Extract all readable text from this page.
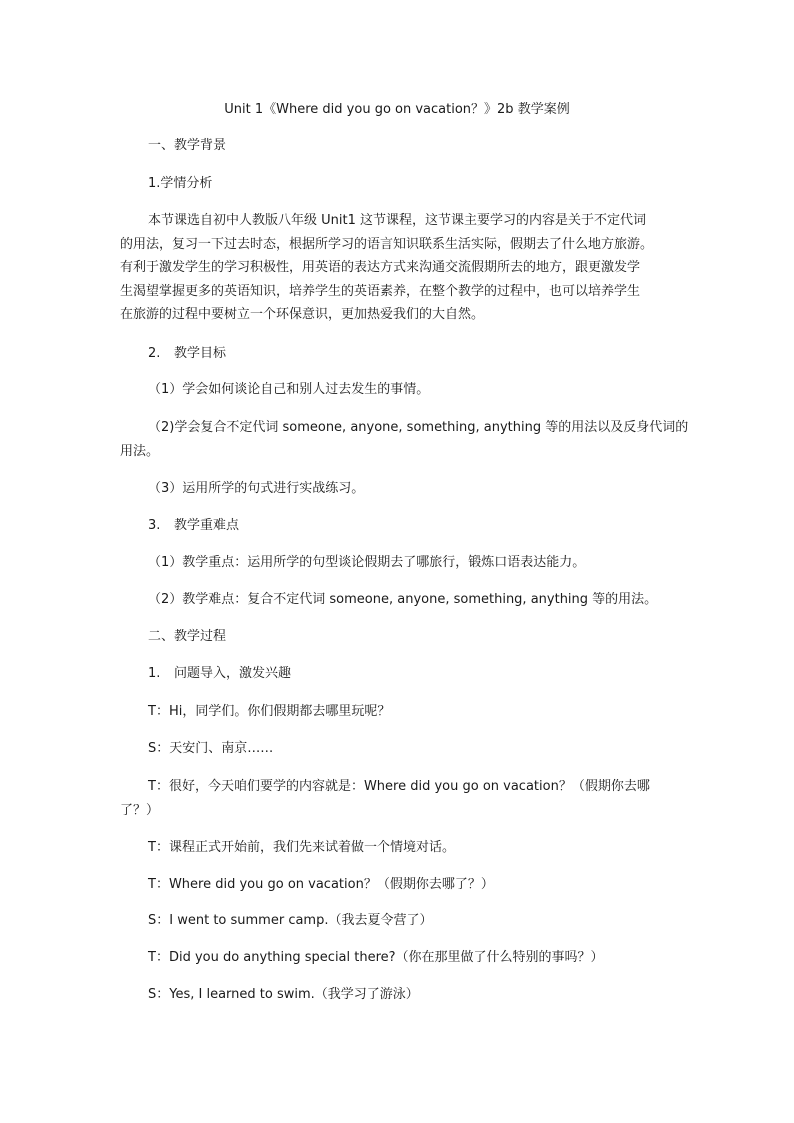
Unit 1《Where did you go on vacation？》2b 教学案例
一、教学背景
1.学情分析
本节课选自初中人教版八年级 Unit1 这节课程，这节课主要学习的内容是关于不定代词
的用法，复习一下过去时态，根据所学习的语言知识联系生活实际，假期去了什么地方旅游。
有利于激发学生的学习积极性，用英语的表达方式来沟通交流假期所去的地方，跟更激发学
生渴望掌握更多的英语知识，培养学生的英语素养，在整个教学的过程中，也可以培养学生
在旅游的过程中要树立一个环保意识，更加热爱我们的大自然。
2. 教学目标
（1）学会如何谈论自己和别人过去发生的事情。
（2)学会复合不定代词 someone, anyone, something, anything 等的用法以及反身代词的
用法。
（3）运用所学的句式进行实战练习。
3. 教学重难点
（1）教学重点：运用所学的句型谈论假期去了哪旅行，锻炼口语表达能力。
（2）教学难点：复合不定代词 someone, anyone, something, anything 等的用法。
二、教学过程
1. 问题导入，激发兴趣
T：Hi，同学们。你们假期都去哪里玩呢？
S：天安门、南京……
T：很好，今天咱们要学的内容就是：Where did you go on vacation？（假期你去哪
了？）
T：课程正式开始前，我们先来试着做一个情境对话。
T：Where did you go on vacation？（假期你去哪了？）
S：I went to summer camp.（我去夏令营了）
T：Did you do anything special there?（你在那里做了什么特别的事吗？）
S：Yes, I learned to swim.（我学习了游泳）
